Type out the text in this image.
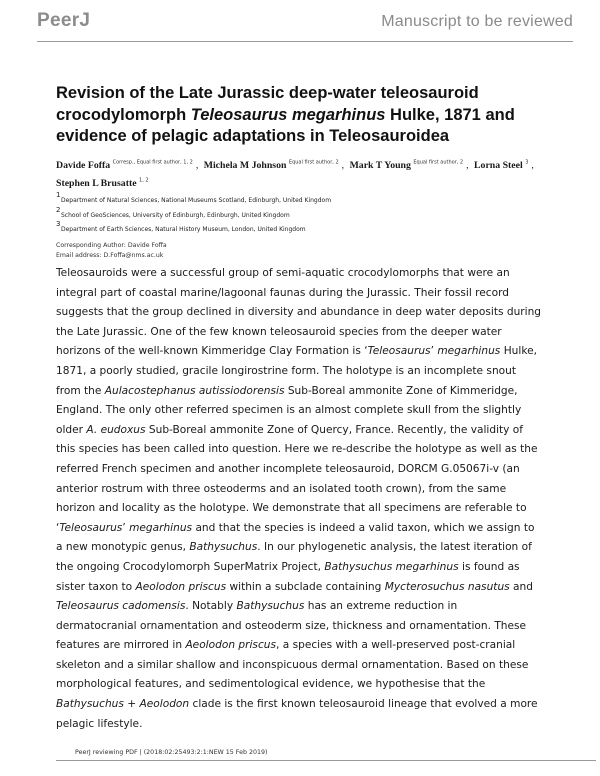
PeerJ	Manuscript to be reviewed
Revision of the Late Jurassic deep-water teleosauroid crocodylomorph Teleosaurus megarhinus Hulke, 1871 and evidence of pelagic adaptations in Teleosauroidea
Davide Foffa $^{Corresp., Equal first author, 1, 2}$ , Michela M Johnson $^{Equal first author, 2}$ , Mark T Young $^{Equal first author, 2}$ , Lorna Steel $^3$ ,
Stephen L Brusatte $^{1, 2}$
1
Department of Natural Sciences, National Museums Scotland, Edinburgh, United Kingdom
2
School of GeoSciences, University of Edinburgh, Edinburgh, United Kingdom
3
Department of Earth Sciences, Natural History Museum, London, United Kingdom
Corresponding Author: Davide Foffa
Email address: D.Foffa@nms.ac.uk
Teleosauroids were a successful group of semi-aquatic crocodylomorphs that were an
integral part of coastal marine/lagoonal faunas during the Jurassic. Their fossil record
suggests that the group declined in diversity and abundance in deep water deposits during
the Late Jurassic. One of the few known teleosauroid species from the deeper water
horizons of the well-known Kimmeridge Clay Formation is ‘Teleosaurus’ megarhinus Hulke,
1871, a poorly studied, gracile longirostrine form. The holotype is an incomplete snout
from the Aulacostephanus autissiodorensis Sub-Boreal ammonite Zone of Kimmeridge,
England. The only other referred specimen is an almost complete skull from the slightly
older A. eudoxus Sub-Boreal ammonite Zone of Quercy, France. Recently, the validity of
this species has been called into question. Here we re-describe the holotype as well as the
referred French specimen and another incomplete teleosauroid, DORCM G.05067i-v (an
anterior rostrum with three osteoderms and an isolated tooth crown), from the same
horizon and locality as the holotype. We demonstrate that all specimens are referable to
‘Teleosaurus’ megarhinus and that the species is indeed a valid taxon, which we assign to
a new monotypic genus, Bathysuchus. In our phylogenetic analysis, the latest iteration of
the ongoing Crocodylomorph SuperMatrix Project, Bathysuchus megarhinus is found as
sister taxon to Aeolodon priscus within a subclade containing Mycterosuchus nasutus and
Teleosaurus cadomensis. Notably Bathysuchus has an extreme reduction in
dermatocranial ornamentation and osteoderm size, thickness and ornamentation. These
features are mirrored in Aeolodon priscus, a species with a well-preserved post-cranial
skeleton and a similar shallow and inconspicuous dermal ornamentation. Based on these
morphological features, and sedimentological evidence, we hypothesise that the
Bathysuchus + Aeolodon clade is the first known teleosauroid lineage that evolved a more
pelagic lifestyle.
PeerJ reviewing PDF | (2018:02:25493:2:1:NEW 15 Feb 2019)
